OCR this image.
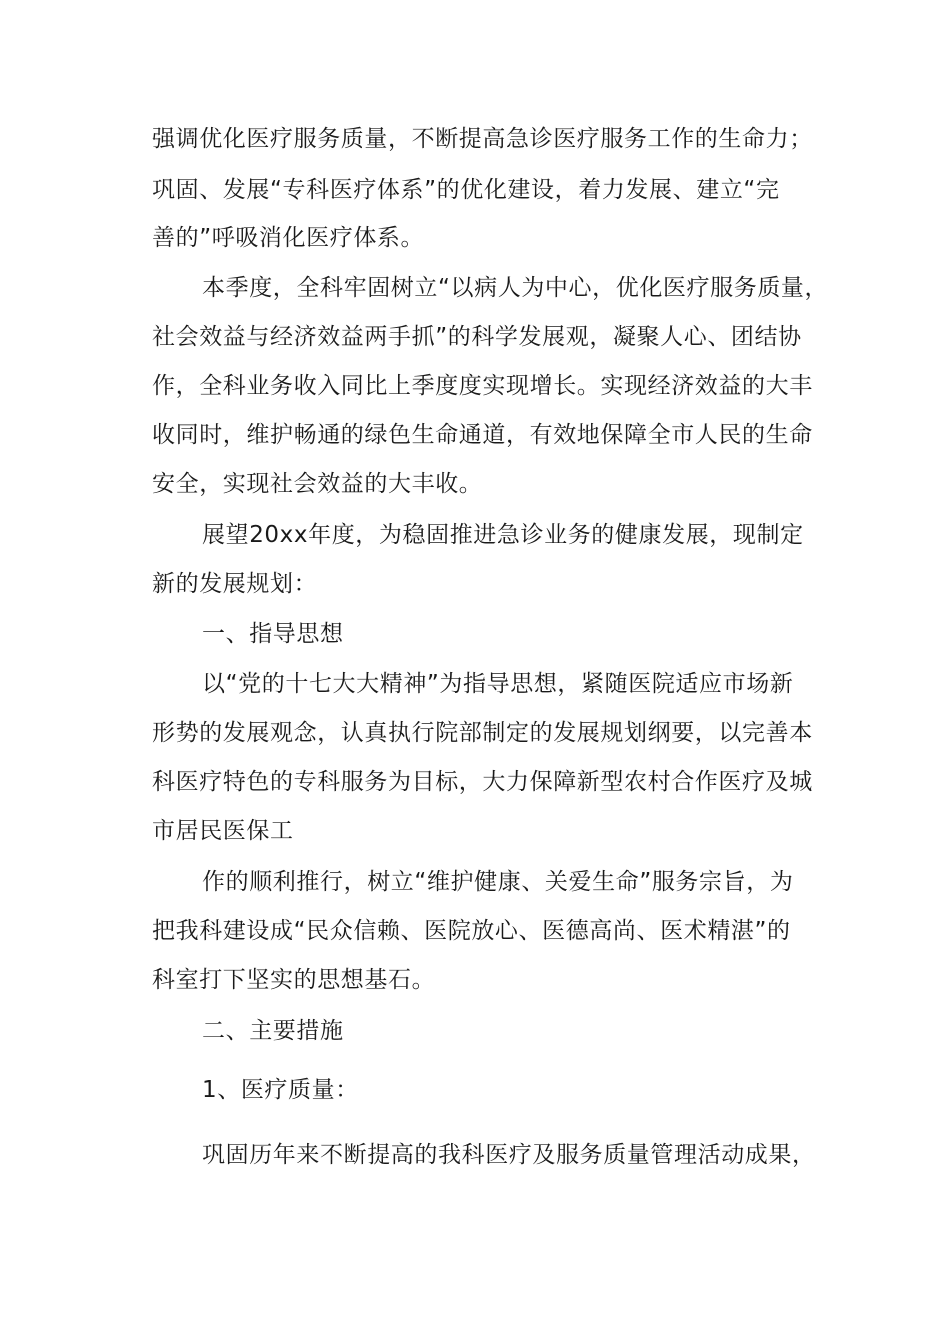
强调优化医疗服务质量，不断提高急诊医疗服务工作的生命力；
巩固、发展“专科医疗体系”的优化建设，着力发展、建立“完
善的”呼吸消化医疗体系。
本季度，全科牢固树立“以病人为中心，优化医疗服务质量，
社会效益与经济效益两手抓”的科学发展观，凝聚人心、团结协
作，全科业务收入同比上季度度实现增长。实现经济效益的大丰
收同时，维护畅通的绿色生命通道，有效地保障全市人民的生命
安全，实现社会效益的大丰收。
展望20xx年度，为稳固推进急诊业务的健康发展，现制定
新的发展规划：
一、指导思想
以“党的十七大大精神”为指导思想，紧随医院适应市场新
形势的发展观念，认真执行院部制定的发展规划纲要，以完善本
科医疗特色的专科服务为目标，大力保障新型农村合作医疗及城
市居民医保工
作的顺利推行，树立“维护健康、关爱生命”服务宗旨，为
把我科建设成“民众信赖、医院放心、医德高尚、医术精湛”的
科室打下坚实的思想基石。
二、主要措施
1、医疗质量：
巩固历年来不断提高的我科医疗及服务质量管理活动成果，
